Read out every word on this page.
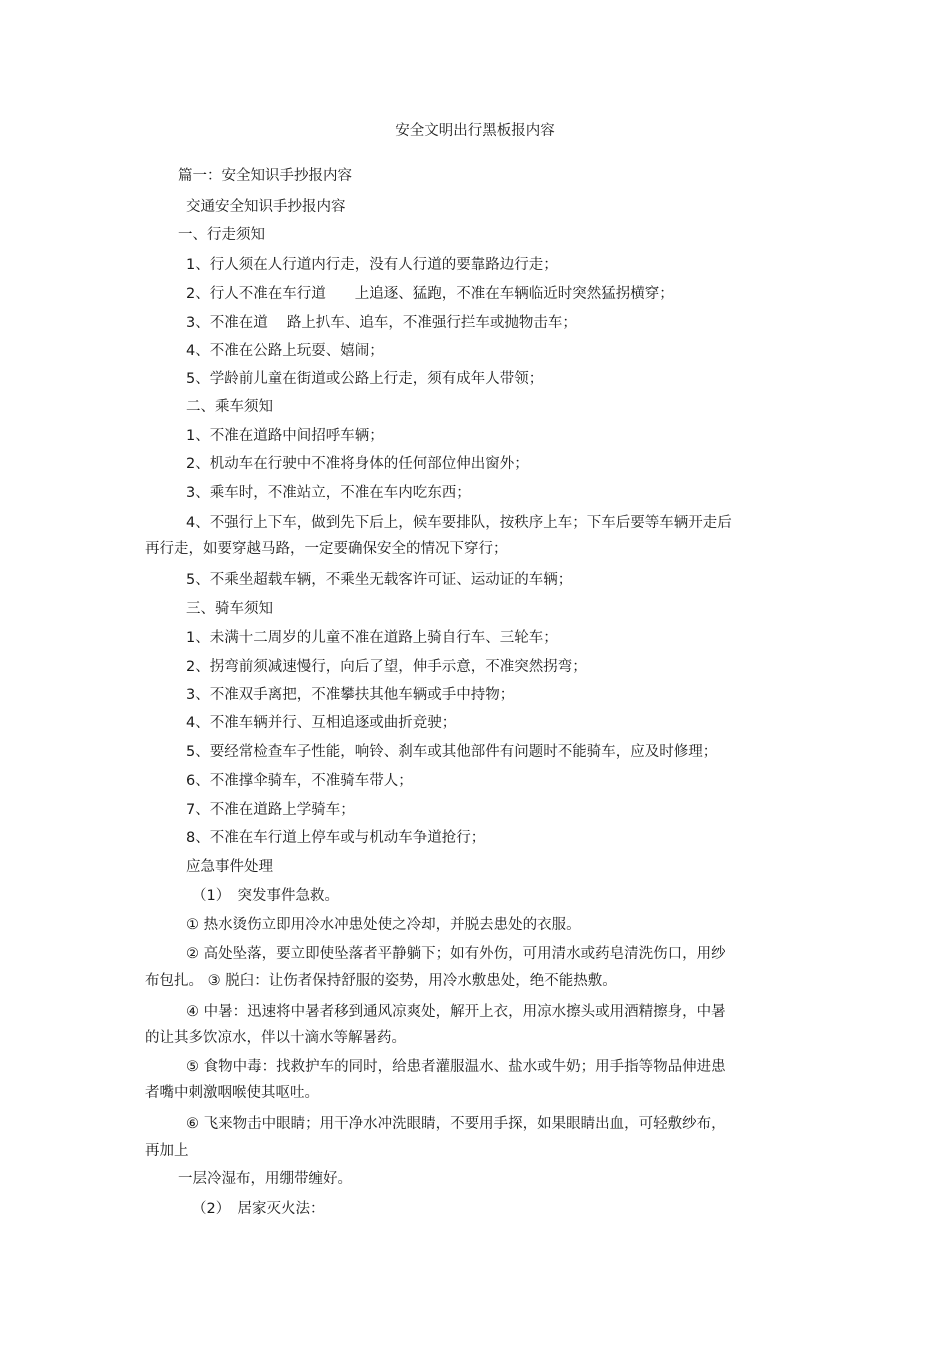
安全文明出行黑板报内容
篇一：安全知识手抄报内容
交通安全知识手抄报内容
一、行走须知
1、行人须在人行道内行走，没有人行道的要靠路边行走；
2、行人不准在车行道　　上追逐、猛跑，不准在车辆临近时突然猛拐横穿；
3、不准在道　 路上扒车、追车，不准强行拦车或抛物击车；
4、不准在公路上玩耍、嬉闹；
5、学龄前儿童在街道或公路上行走，须有成年人带领；
二、乘车须知
1、不准在道路中间招呼车辆；
2、机动车在行驶中不准将身体的任何部位伸出窗外；
3、乘车时，不准站立，不准在车内吃东西；
4、不强行上下车，做到先下后上，候车要排队，按秩序上车；下车后要等车辆开走后
再行走，如要穿越马路，一定要确保安全的情况下穿行；
5、不乘坐超载车辆，不乘坐无载客许可证、运动证的车辆；
三、骑车须知
1、未满十二周岁的儿童不准在道路上骑自行车、三轮车；
2、拐弯前须减速慢行，向后了望，伸手示意，不准突然拐弯；
3、不准双手离把，不准攀扶其他车辆或手中持物；
4、不准车辆并行、互相追逐或曲折竞驶；
5、要经常检查车子性能，响铃、刹车或其他部件有问题时不能骑车，应及时修理；
6、不准撑伞骑车，不准骑车带人；
7、不准在道路上学骑车；
8、不准在车行道上停车或与机动车争道抢行；
应急事件处理
（1）　突发事件急救。
① 热水烫伤立即用冷水冲患处使之冷却，并脱去患处的衣服。
② 高处坠落，要立即使坠落者平静躺下；如有外伤，可用清水或药皂清洗伤口，用纱
布包扎。 ③ 脱臼：让伤者保持舒服的姿势，用冷水敷患处，绝不能热敷。
④ 中暑：迅速将中暑者移到通风凉爽处，解开上衣，用凉水擦头或用酒精擦身，中暑
的让其多饮凉水，伴以十滴水等解暑药。
⑤ 食物中毒：找救护车的同时，给患者灌服温水、盐水或牛奶；用手指等物品伸进患
者嘴中刺激咽喉使其呕吐。
⑥ 飞来物击中眼睛；用干净水冲洗眼睛，不要用手探，如果眼睛出血，可轻敷纱布，
再加上
一层冷湿布，用绷带缠好。
（2）　居家灭火法：
